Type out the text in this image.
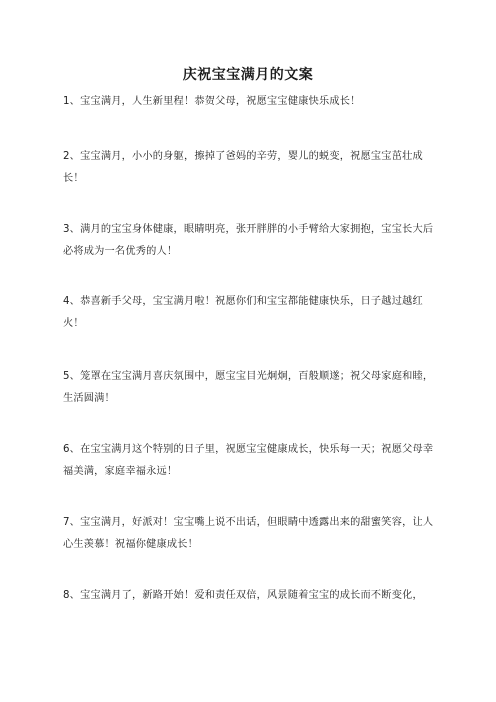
庆祝宝宝满月的文案

1、宝宝满月，人生新里程！恭贺父母，祝愿宝宝健康快乐成长！

2、宝宝满月，小小的身躯，擦掉了爸妈的辛劳，婴儿的蜕变，祝愿宝宝茁壮成长！

3、满月的宝宝身体健康，眼睛明亮，张开胖胖的小手臂给大家拥抱，宝宝长大后必将成为一名优秀的人！

4、恭喜新手父母，宝宝满月啦！祝愿你们和宝宝都能健康快乐，日子越过越红火！

5、笼罩在宝宝满月喜庆氛围中，愿宝宝目光炯炯，百般顺遂；祝父母家庭和睦，生活圆满！

6、在宝宝满月这个特别的日子里，祝愿宝宝健康成长，快乐每一天；祝愿父母幸福美满，家庭幸福永远！

7、宝宝满月，好派对！宝宝嘴上说不出话，但眼睛中透露出来的甜蜜笑容，让人心生羡慕！祝福你健康成长！

8、宝宝满月了，新路开始！爱和责任双倍，风景随着宝宝的成长而不断变化，
